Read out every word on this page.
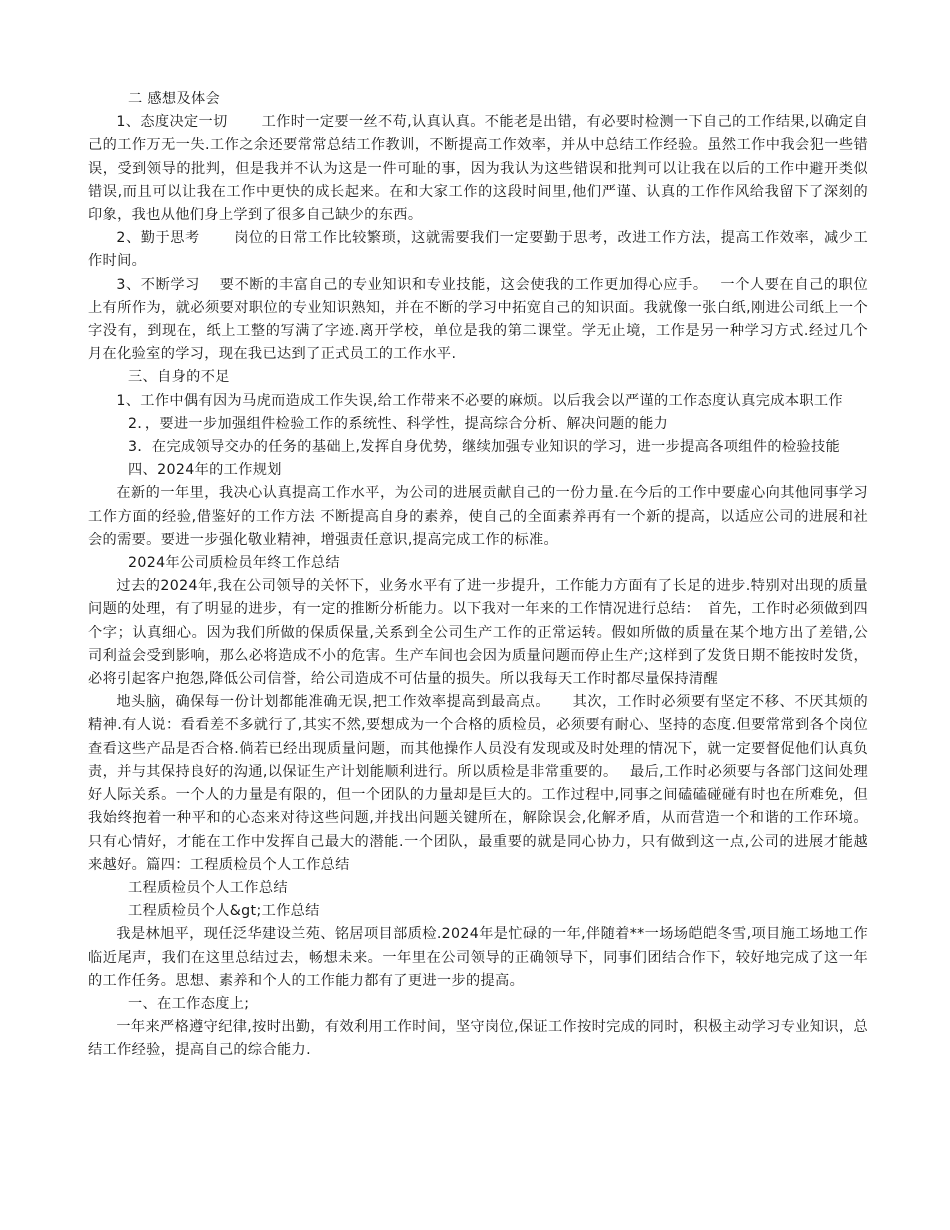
二 感想及体会

1、态度决定一切　　 工作时一定要一丝不苟,认真认真。不能老是出错，有必要时检测一下自己的工作结果,以确定自己的工作万无一失.工作之余还要常常总结工作教训，不断提高工作效率，并从中总结工作经验。虽然工作中我会犯一些错误，受到领导的批判，但是我并不认为这是一件可耻的事，因为我认为这些错误和批判可以让我在以后的工作中避开类似错误,而且可以让我在工作中更快的成长起来。在和大家工作的这段时间里,他们严谨、认真的工作作风给我留下了深刻的印象，我也从他们身上学到了很多自己缺少的东西。

2、勤于思考　　 岗位的日常工作比较繁琐，这就需要我们一定要勤于思考，改进工作方法，提高工作效率，减少工作时间。

3、不断学习　 要不断的丰富自己的专业知识和专业技能，这会使我的工作更加得心应手。　 一个人要在自己的职位上有所作为，就必须要对职位的专业知识熟知，并在不断的学习中拓宽自己的知识面。我就像一张白纸,刚进公司纸上一个字没有，到现在，纸上工整的写满了字迹.离开学校，单位是我的第二课堂。学无止境，工作是另一种学习方式.经过几个月在化验室的学习，现在我已达到了正式员工的工作水平.

三、自身的不足

1、工作中偶有因为马虎而造成工作失误,给工作带来不必要的麻烦。以后我会以严谨的工作态度认真完成本职工作

2．，要进一步加强组件检验工作的系统性、科学性，提高综合分析、解决问题的能力

3．在完成领导交办的任务的基础上,发挥自身优势，继续加强专业知识的学习，进一步提高各项组件的检验技能

四、2024年的工作规划

在新的一年里，我决心认真提高工作水平，为公司的进展贡献自己的一份力量.在今后的工作中要虚心向其他同事学习工作方面的经验,借鉴好的工作方法 不断提高自身的素养，使自己的全面素养再有一个新的提高，以适应公司的进展和社会的需要。要进一步强化敬业精神，增强责任意识,提高完成工作的标准。

2024年公司质检员年终工作总结

过去的2024年,我在公司领导的关怀下，业务水平有了进一步提升，工作能力方面有了长足的进步.特别对出现的质量问题的处理，有了明显的进步，有一定的推断分析能力。以下我对一年来的工作情况进行总结：　首先，工作时必须做到四个字；认真细心。因为我们所做的保质保量,关系到全公司生产工作的正常运转。假如所做的质量在某个地方出了差错,公司利益会受到影响，那么必将造成不小的危害。生产车间也会因为质量问题而停止生产;这样到了发货日期不能按时发货，必将引起客户抱怨,降低公司信誉，给公司造成不可估量的损失。所以我每天工作时都尽量保持清醒

地头脑，确保每一份计划都能准确无误,把工作效率提高到最高点。　　其次，工作时必须要有坚定不移、不厌其烦的精神.有人说：看看差不多就行了,其实不然,要想成为一个合格的质检员，必须要有耐心、坚持的态度.但要常常到各个岗位查看这些产品是否合格.倘若已经出现质量问题，而其他操作人员没有发现或及时处理的情况下，就一定要督促他们认真负责，并与其保持良好的沟通,以保证生产计划能顺利进行。所以质检是非常重要的。　 最后,工作时必须要与各部门这间处理好人际关系。一个人的力量是有限的，但一个团队的力量却是巨大的。工作过程中,同事之间磕磕碰碰有时也在所难免，但我始终抱着一种平和的心态来对待这些问题,并找出问题关键所在，解除误会,化解矛盾，从而营造一个和谐的工作环境。只有心情好，才能在工作中发挥自己最大的潜能.一个团队，最重要的就是同心协力，只有做到这一点,公司的进展才能越来越好。篇四：工程质检员个人工作总结

工程质检员个人工作总结

工程质检员个人&gt;工作总结

我是林旭平，现任泛华建设兰苑、铭居项目部质检.2024年是忙碌的一年,伴随着**一场场皑皑冬雪,项目施工场地工作临近尾声，我们在这里总结过去，畅想未来。一年里在公司领导的正确领导下，同事们团结合作下，较好地完成了这一年的工作任务。思想、素养和个人的工作能力都有了更进一步的提高。

一、在工作态度上;

一年来严格遵守纪律,按时出勤，有效利用工作时间，坚守岗位,保证工作按时完成的同时，积极主动学习专业知识，总结工作经验，提高自己的综合能力.
